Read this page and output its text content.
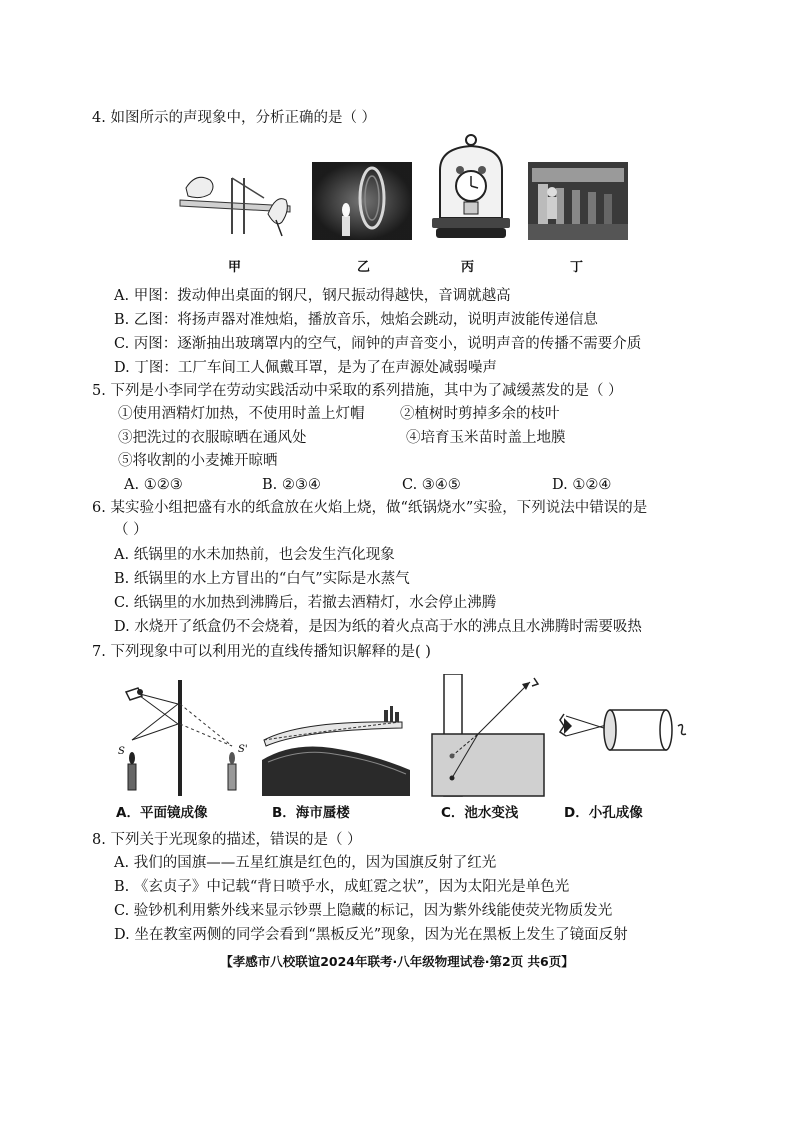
4. 如图所示的声现象中，分析正确的是（ ）
甲	乙	丙	丁
A. 甲图：拨动伸出桌面的钢尺，钢尺振动得越快，音调就越高
B. 乙图：将扬声器对准烛焰，播放音乐，烛焰会跳动，说明声波能传递信息
C. 丙图：逐渐抽出玻璃罩内的空气，闹钟的声音变小，说明声音的传播不需要介质
D. 丁图：工厂车间工人佩戴耳罩，是为了在声源处减弱噪声
5. 下列是小李同学在劳动实践活动中采取的系列措施，其中为了减缓蒸发的是（ ）
①使用酒精灯加热，不使用时盖上灯帽 ②植树时剪掉多余的枝叶
③把洗过的衣服晾晒在通风处	④培育玉米苗时盖上地膜
⑤将收割的小麦摊开晾晒
A. ①②③	B. ②③④	C. ③④⑤	D. ①②④
6. 某实验小组把盛有水的纸盒放在火焰上烧，做“纸锅烧水”实验，下列说法中错误的是
（ ）
A. 纸锅里的水未加热前，也会发生汽化现象
B. 纸锅里的水上方冒出的“白气”实际是水蒸气
C. 纸锅里的水加热到沸腾后，若撤去酒精灯，水会停止沸腾
D. 水烧开了纸盒仍不会烧着，是因为纸的着火点高于水的沸点且水沸腾时需要吸热
7. 下列现象中可以利用光的直线传播知识解释的是( )
S	S'
A．平面镜成像	B．海市蜃楼	C．池水变浅	D．小孔成像
8. 下列关于光现象的描述，错误的是（ ）
A. 我们的国旗——五星红旗是红色的，因为国旗反射了红光
B. 《玄贞子》中记载“背日喷乎水，成虹霓之状”，因为太阳光是单色光
C. 验钞机利用紫外线来显示钞票上隐藏的标记，因为紫外线能使荧光物质发光
D. 坐在教室两侧的同学会看到“黑板反光”现象，因为光在黑板上发生了镜面反射
【孝感市八校联谊2024年联考·八年级物理试卷·第2页 共6页】
